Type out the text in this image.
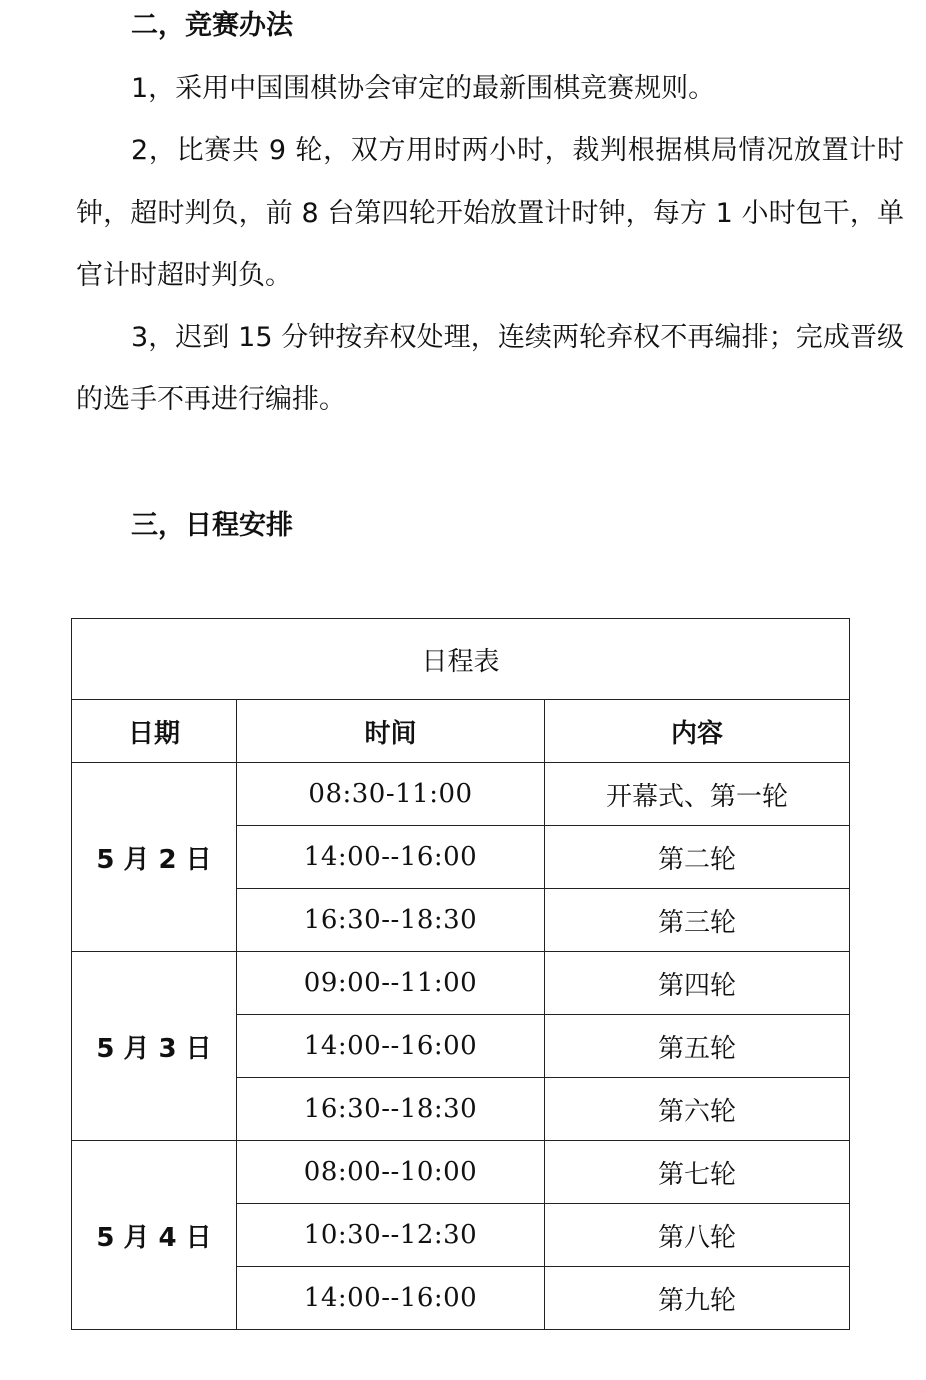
二，竞赛办法
1，采用中国围棋协会审定的最新围棋竞赛规则。
2，比赛共 9 轮，双方用时两小时，裁判根据棋局情况放置计时
钟，超时判负，前 8 台第四轮开始放置计时钟，每方 1 小时包干，单
官计时超时判负。
3，迟到 15 分钟按弃权处理，连续两轮弃权不再编排；完成晋级
的选手不再进行编排。
三，日程安排
日程表		
日期	时间	内容
5 月 2 日	08:30-11:00	开幕式、第一轮
	14:00--16:00	第二轮
	16:30--18:30	第三轮
5 月 3 日	09:00--11:00	第四轮
	14:00--16:00	第五轮
	16:30--18:30	第六轮
5 月 4 日	08:00--10:00	第七轮
	10:30--12:30	第八轮
	14:00--16:00	第九轮
